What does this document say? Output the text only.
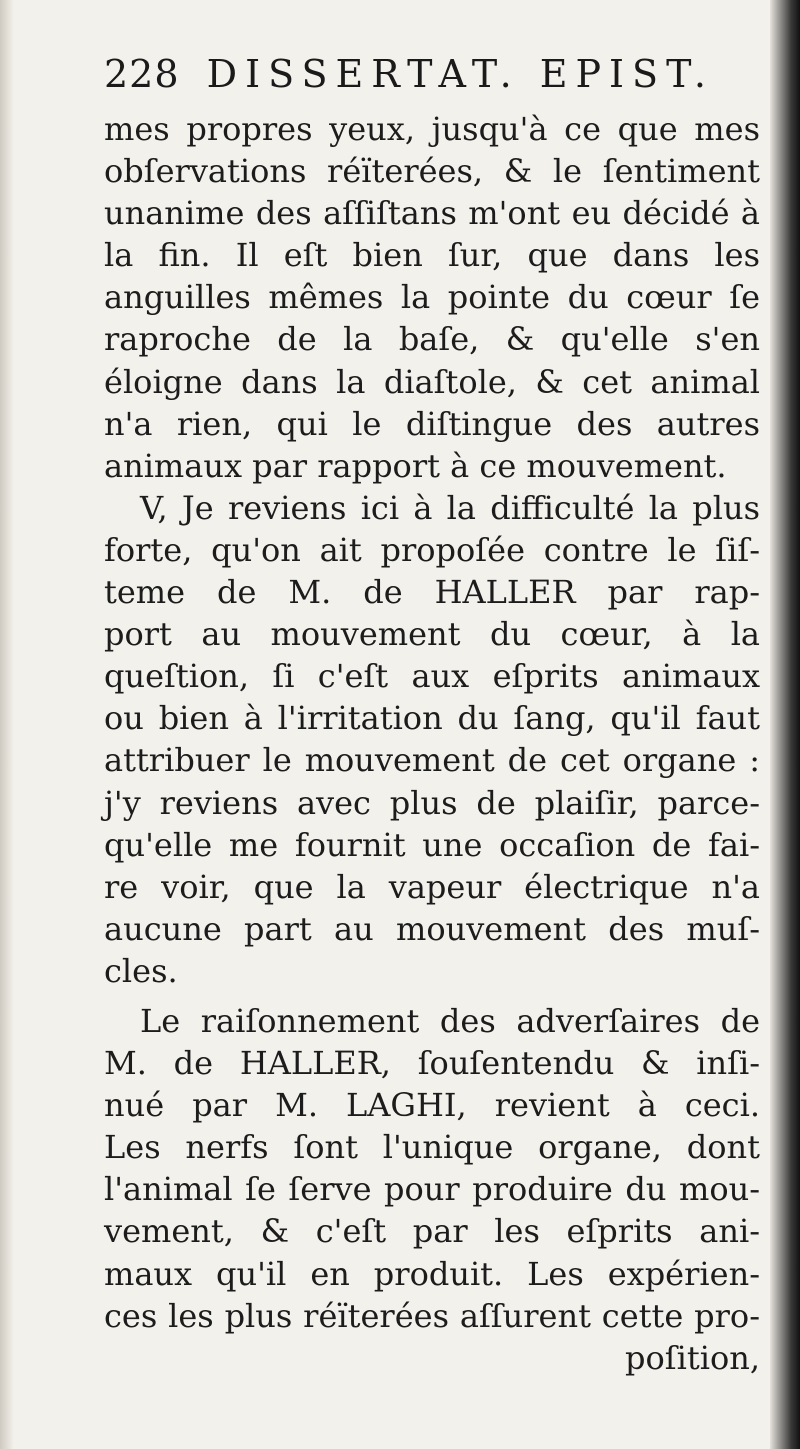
228 DISSERTAT. EPIST.
mes propres yeux, jusqu'à ce que mes
obſervations réïterées, & le ſentiment
unanime des aſſiſtans m'ont eu décidé à
la fin. Il eſt bien ſur, que dans les
anguilles mêmes la pointe du cœur ſe
raproche de la baſe, & qu'elle s'en
éloigne dans la diaſtole, & cet animal
n'a rien, qui le diſtingue des autres
animaux par rapport à ce mouvement.
V, Je reviens ici à la difficulté la plus
forte, qu'on ait propoſée contre le ſiſ-
teme de M. de HALLER par rap-
port au mouvement du cœur, à la
queſtion, ſi c'eſt aux eſprits animaux
ou bien à l'irritation du ſang, qu'il faut
attribuer le mouvement de cet organe :
j'y reviens avec plus de plaiſir, parce-
qu'elle me fournit une occaſion de fai-
re voir, que la vapeur électrique n'a
aucune part au mouvement des muſ-
cles.
Le raiſonnement des adverſaires de
M. de HALLER, ſouſentendu & inſi-
nué par M. LAGHI, revient à ceci.
Les nerfs ſont l'unique organe, dont
l'animal ſe ſerve pour produire du mou-
vement, & c'eſt par les eſprits ani-
maux qu'il en produit. Les expérien-
ces les plus réïterées aſſurent cette pro-
poſition,
